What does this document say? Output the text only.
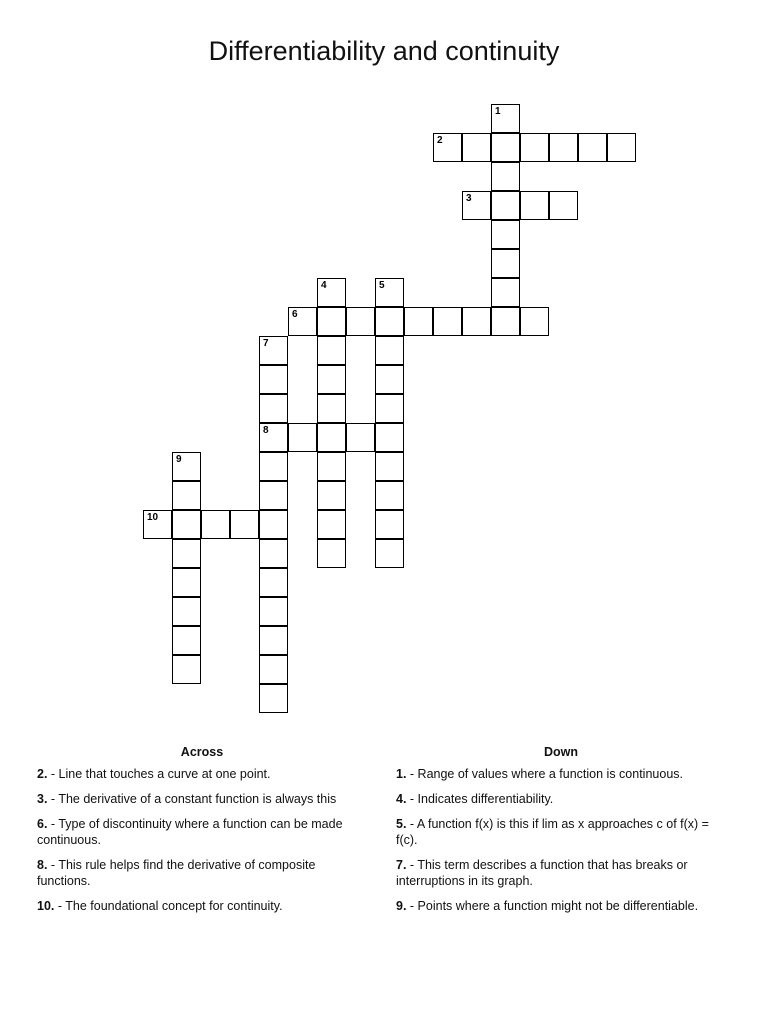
Differentiability and continuity
1
2
3
4	5
6
7
8
9
10
Across
2. - Line that touches a curve at one point.
3. - The derivative of a constant function is always this
6. - Type of discontinuity where a function can be made continuous.
8. - This rule helps find the derivative of composite functions.
10. - The foundational concept for continuity.
Down
1. - Range of values where a function is continuous.
4. - Indicates differentiability.
5. - A function f(x) is this if lim as x approaches c of f(x) = f(c).
7. - This term describes a function that has breaks or interruptions in its graph.
9. - Points where a function might not be differentiable.
